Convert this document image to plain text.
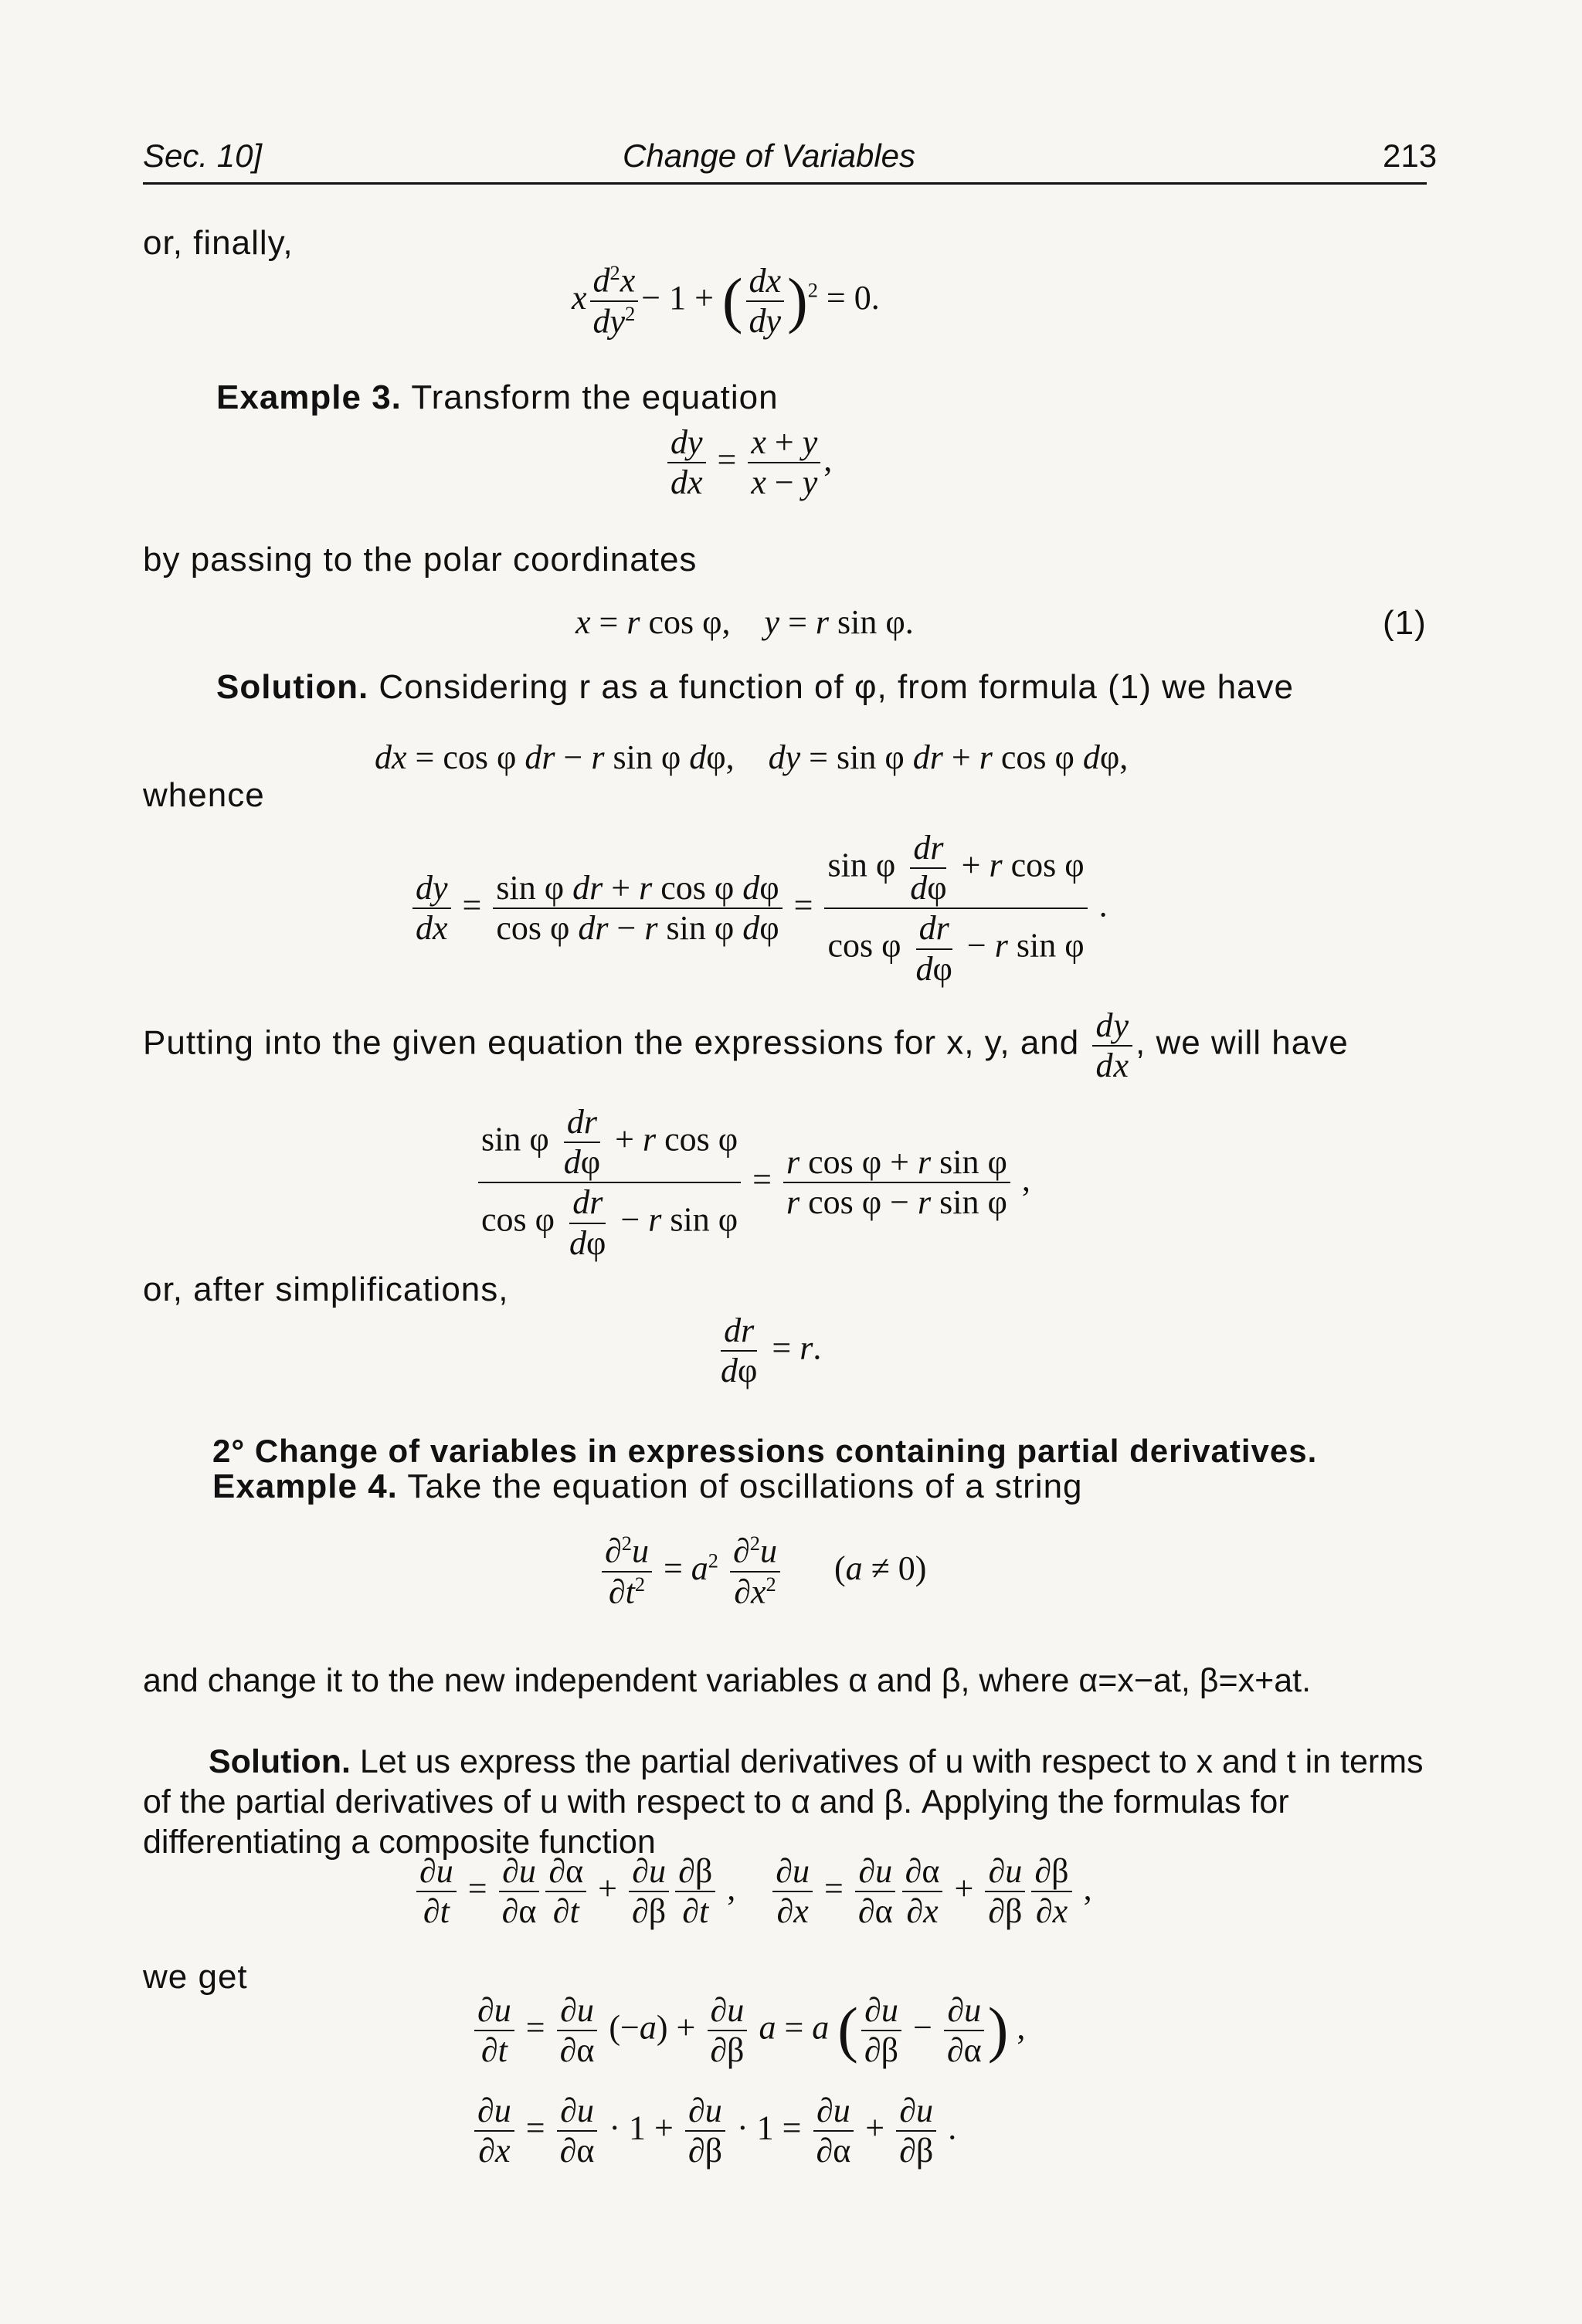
Sec. 10]	Change of Variables	213
or, finally,
x $\frac{d^2x}{dy^2} - 1$ + ( $\frac{dx}{dy} )^2 = 0$.
Example 3. Transform the equation
$\frac{dy}{dx} = \frac{x + y}{x - y}$ ,
by passing to the polar coordinates
x = r cos φ,    y = r sin φ.	(1)
Solution. Considering r as a function of φ, from formula (1) we have
dx = cos φ dr − r sin φ dφ,    dy = sin φ dr + r cos φ dφ,
whence
$\frac{dy}{dx} = \frac{\text{sin φ dr + r cos φ dφ}}{\text{cos φ dr − r sin φ dφ}} = \frac{\sin \varphi \frac{dr}{d\varphi} + r \cos \varphi}{\cos \varphi \frac{dr}{d\varphi} - r \sin \varphi}$ .
Putting into the given equation the expressions for x, y, and $\frac{dy}{dx}$ , we will have
$\frac{\sin \varphi \frac{dr}{d\varphi} + r \cos \varphi}{\cos \varphi \frac{dr}{d\varphi} - r \sin \varphi} = \frac{\text{r cos φ + r sin φ}}{\text{r cos φ − r sin φ}}$ ,
or, after simplifications,
$\frac{dr}{d\varphi} = r$.
2° Change of variables in expressions containing partial derivatives.
Example 4. Take the equation of oscillations of a string
$\frac{\partial^2u}{\partial t^2} = a^2 \frac{\partial^2u}{\partial x^2} (a \ne 0)$
and change it to the new independent variables α and β, where α=x−at, β=x+at.
Solution. Let us express the partial derivatives of u with respect to x and t in terms of the partial derivatives of u with respect to α and β. Applying the formulas for differentiating a composite function
$\frac{\partial u}{\partial t} = \frac{\partial u}{\partial\alpha} \frac{\partial\alpha}{\partial t} + \frac{\partial u}{\partial\beta} \frac{\partial\beta}{\partial t}$ , $\frac{\partial u}{\partial x} = \frac{\partial u}{\partial\alpha} \frac{\partial\alpha}{\partial x} + \frac{\partial u}{\partial\beta} \frac{\partial\beta}{\partial x}$ ,
we get
$\frac{\partial u}{\partial t} = \frac{\partial u}{\partial\alpha} (-a) + \frac{\partial u}{\partial\beta}$ a = a ( $\frac{\partial u}{\partial\beta} - \frac{\partial u}{\partial\alpha}$ ) ,
$\frac{\partial u}{\partial x} = \frac{\partial u}{\partial\alpha} \cdot 1 + \frac{\partial u}{\partial\beta} \cdot 1 = \frac{\partial u}{\partial\alpha} + \frac{\partial u}{\partial\beta}$ .
